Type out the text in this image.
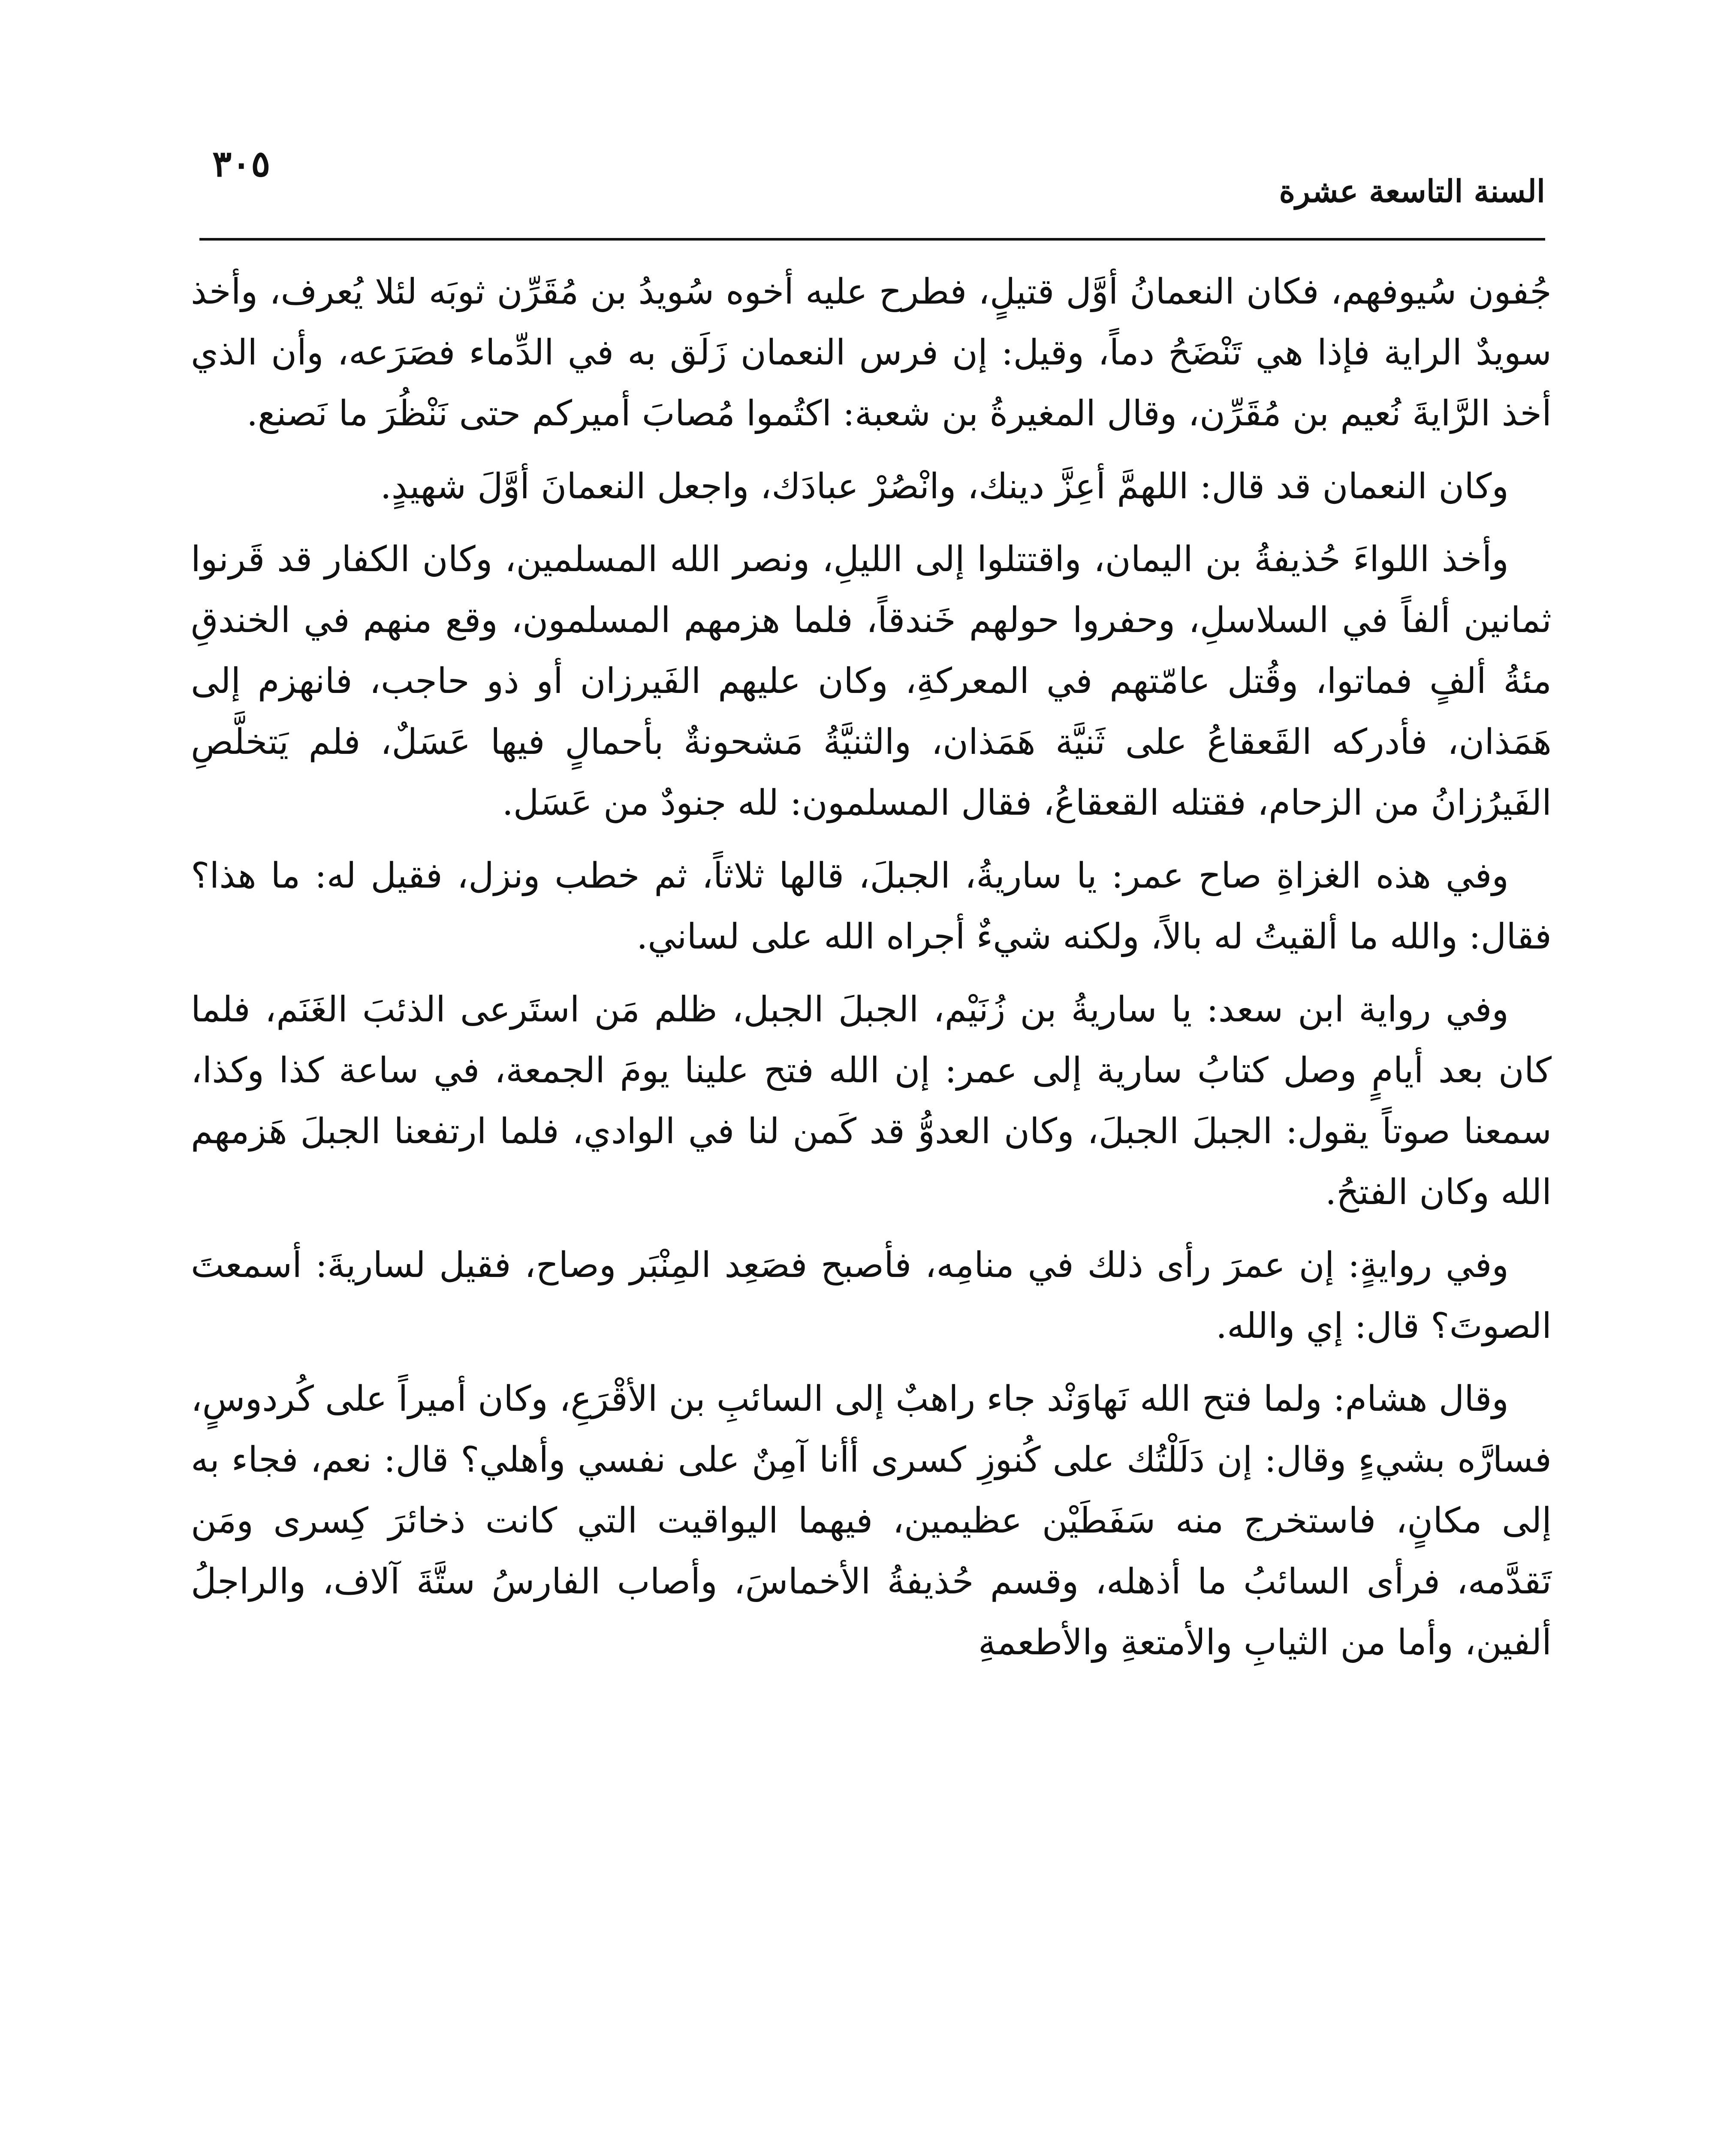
٣٠٥
السنة التاسعة عشرة

جُفون سُيوفهم، فكان النعمانُ أوَّل قتيلٍ، فطرح عليه أخوه سُويدُ بن مُقَرِّن ثوبَه لئلا يُعرف، وأخذ سويدٌ الراية فإذا هي تَنْضَحُ دماً، وقيل: إن فرس النعمان زَلَق به في الدِّماء فصَرَعه، وأن الذي أخذ الرَّايةَ نُعيم بن مُقَرِّن، وقال المغيرةُ بن شعبة: اكتُموا مُصابَ أميركم حتى نَنْظُرَ ما نَصنع.

وكان النعمان قد قال: اللهمَّ أعِزَّ دينك، وانْصُرْ عبادَك، واجعل النعمانَ أوَّلَ شهيدٍ.

وأخذ اللواءَ حُذيفةُ بن اليمان، واقتتلوا إلى الليلِ، ونصر الله المسلمين، وكان الكفار قد قَرنوا ثمانين ألفاً في السلاسلِ، وحفروا حولهم خَندقاً، فلما هزمهم المسلمون، وقع منهم في الخندقِ مئةُ ألفٍ فماتوا، وقُتل عامّتهم في المعركةِ، وكان عليهم الفَيرزان أو ذو حاجب، فانهزم إلى هَمَذان، فأدركه القَعقاعُ على ثَنيَّة هَمَذان، والثنيَّةُ مَشحونةٌ بأحمالٍ فيها عَسَلٌ، فلم يَتخلَّصِ الفَيرُزانُ من الزحام، فقتله القعقاعُ، فقال المسلمون: لله جنودٌ من عَسَل.

وفي هذه الغزاةِ صاح عمر: يا ساريةُ، الجبلَ، قالها ثلاثاً، ثم خطب ونزل، فقيل له: ما هذا؟ فقال: والله ما ألقيتُ له بالاً، ولكنه شيءٌ أجراه الله على لساني.

وفي رواية ابن سعد: يا ساريةُ بن زُنَيْم، الجبلَ الجبل، ظلم مَن استَرعى الذئبَ الغَنَم، فلما كان بعد أيامٍ وصل كتابُ سارية إلى عمر: إن الله فتح علينا يومَ الجمعة، في ساعة كذا وكذا، سمعنا صوتاً يقول: الجبلَ الجبلَ، وكان العدوُّ قد كَمن لنا في الوادي، فلما ارتفعنا الجبلَ هَزمهم الله وكان الفتحُ.

وفي روايةٍ: إن عمرَ رأى ذلك في منامِه، فأصبح فصَعِد المِنْبَر وصاح، فقيل لساريةَ: أسمعتَ الصوتَ؟ قال: إي والله.

وقال هشام: ولما فتح الله نَهاوَنْد جاء راهبٌ إلى السائبِ بن الأقْرَعِ، وكان أميراً على كُردوسٍ، فسارَّه بشيءٍ وقال: إن دَلَلْتُك على كُنوزِ كسرى أأنا آمِنٌ على نفسي وأهلي؟ قال: نعم، فجاء به إلى مكانٍ، فاستخرج منه سَفَطَيْن عظيمين، فيهما اليواقيت التي كانت ذخائرَ كِسرى ومَن تَقدَّمه، فرأى السائبُ ما أذهله، وقسم حُذيفةُ الأخماسَ، وأصاب الفارسُ ستَّةَ آلاف، والراجلُ ألفين، وأما من الثيابِ والأمتعةِ والأطعمةِ
